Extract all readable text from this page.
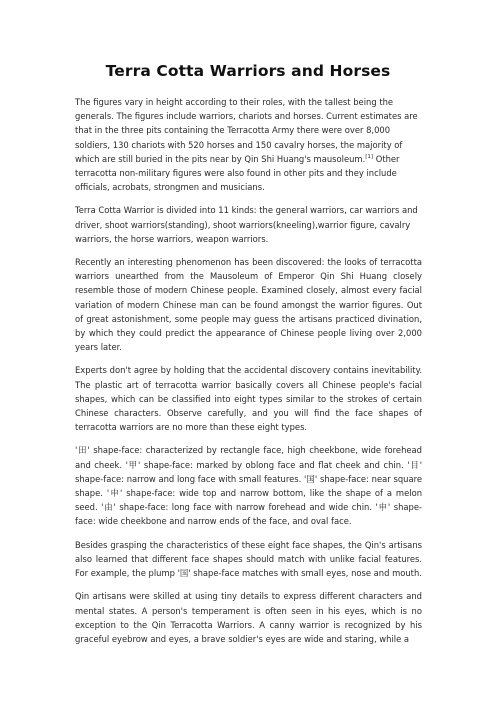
Terra Cotta Warriors and Horses

The figures vary in height according to their roles, with the tallest being the generals. The figures include warriors, chariots and horses. Current estimates are that in the three pits containing the Terracotta Army there were over 8,000 soldiers, 130 chariots with 520 horses and 150 cavalry horses, the majority of which are still buried in the pits near by Qin Shi Huang's mausoleum.[1] Other terracotta non-military figures were also found in other pits and they include officials, acrobats, strongmen and musicians.

Terra Cotta Warrior is divided into 11 kinds: the general warriors, car warriors and driver, shoot warriors(standing), shoot warriors(kneeling),warrior figure, cavalry warriors, the horse warriors, weapon warriors.

Recently an interesting phenomenon has been discovered: the looks of terracotta warriors unearthed from the Mausoleum of Emperor Qin Shi Huang closely resemble those of modern Chinese people. Examined closely, almost every facial variation of modern Chinese man can be found amongst the warrior figures. Out of great astonishment, some people may guess the artisans practiced divination, by which they could predict the appearance of Chinese people living over 2,000 years later.

Experts don't agree by holding that the accidental discovery contains inevitability. The plastic art of terracotta warrior basically covers all Chinese people's facial shapes, which can be classified into eight types similar to the strokes of certain Chinese characters. Observe carefully, and you will find the face shapes of terracotta warriors are no more than these eight types.

'田' shape-face: characterized by rectangle face, high cheekbone, wide forehead and cheek. '甲' shape-face: marked by oblong face and flat cheek and chin. '目' shape-face: narrow and long face with small features. '国' shape-face: near square shape. '申' shape-face: wide top and narrow bottom, like the shape of a melon seed. '由' shape-face: long face with narrow forehead and wide chin. '申' shape-face: wide cheekbone and narrow ends of the face, and oval face.

Besides grasping the characteristics of these eight face shapes, the Qin's artisans also learned that different face shapes should match with unlike facial features. For example, the plump '国' shape-face matches with small eyes, nose and mouth.

Qin artisans were skilled at using tiny details to express different characters and mental states. A person's temperament is often seen in his eyes, which is no exception to the Qin Terracotta Warriors. A canny warrior is recognized by his graceful eyebrow and eyes, a brave soldier's eyes are wide and staring, while a
